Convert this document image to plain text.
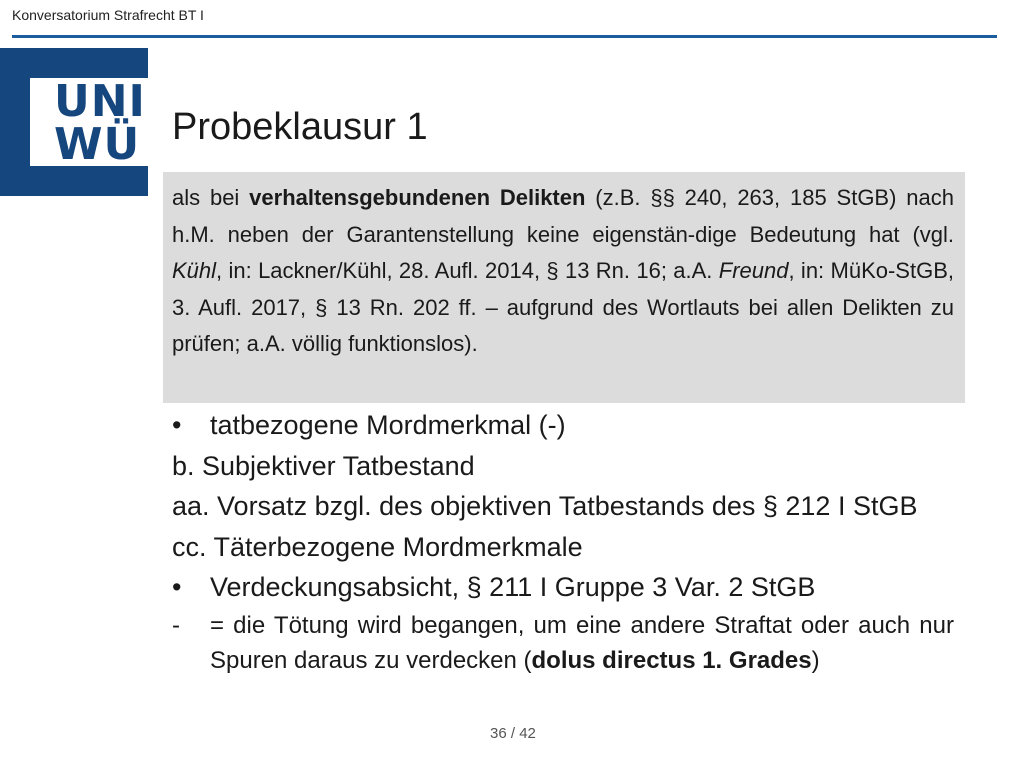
Konversatorium Strafrecht BT I
UNI
WÜ Probeklausur 1
als bei verhaltensgebundenen Delikten (z.B. §§ 240, 263, 185 StGB) nach h.M. neben der Garantenstellung keine eigenstän-dige Bedeutung hat (vgl. Kühl, in: Lackner/Kühl, 28. Aufl. 2014, § 13 Rn. 16; a.A. Freund, in: MüKo-StGB, 3. Aufl. 2017, § 13 Rn. 202 ff. – aufgrund des Wortlauts bei allen Delikten zu prüfen; a.A. völlig funktionslos).
•	tatbezogene Mordmerkmal (-)
b. Subjektiver Tatbestand
aa. Vorsatz bzgl. des objektiven Tatbestands des § 212 I StGB
cc. Täterbezogene Mordmerkmale
•	Verdeckungsabsicht, § 211 I Gruppe 3 Var. 2 StGB
-	= die Tötung wird begangen, um eine andere Straftat oder auch nur Spuren daraus zu verdecken (dolus directus 1. Grades)
36 / 42
